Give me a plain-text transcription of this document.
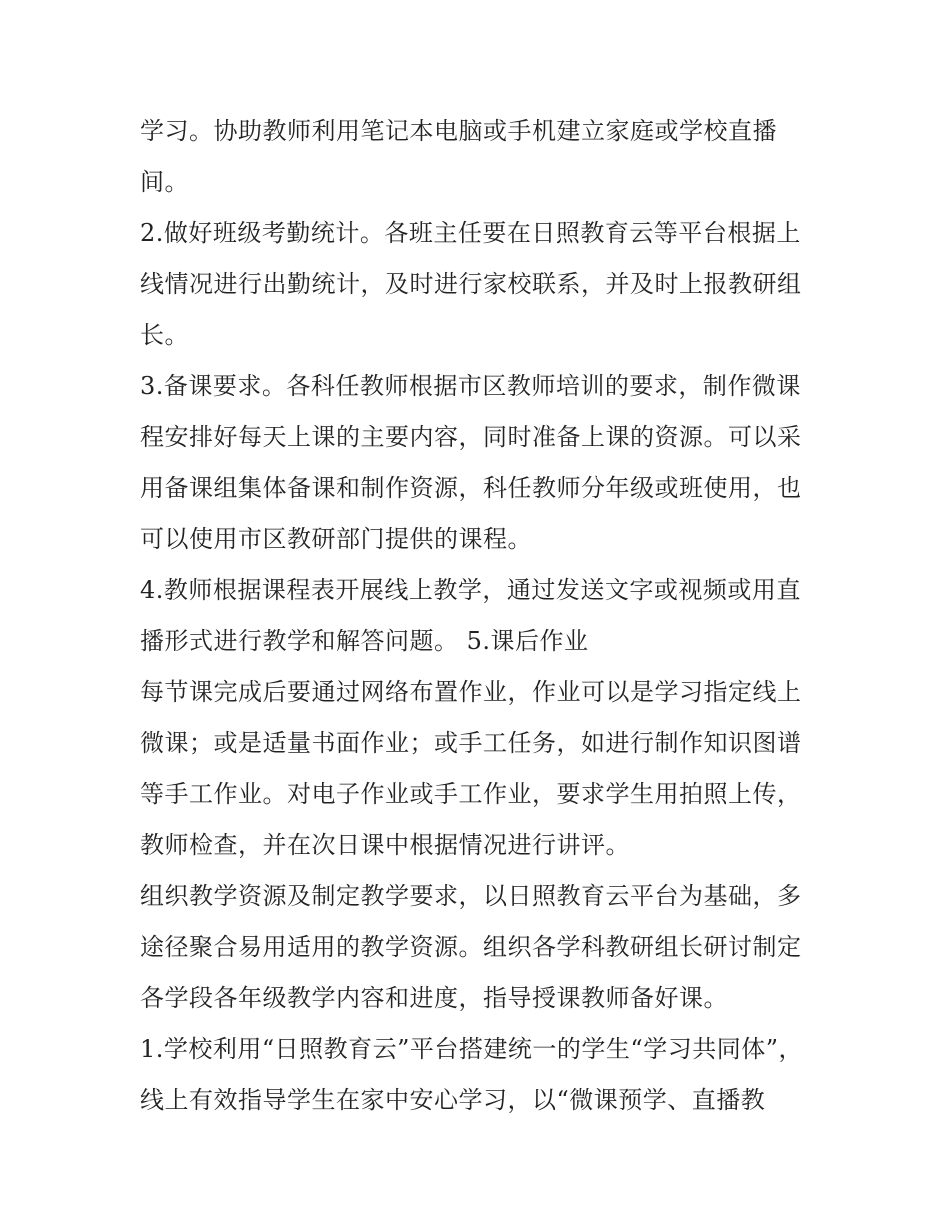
学习。协助教师利用笔记本电脑或手机建立家庭或学校直播
间。
2.做好班级考勤统计。各班主任要在日照教育云等平台根据上
线情况进行出勤统计，及时进行家校联系，并及时上报教研组
长。
3.备课要求。各科任教师根据市区教师培训的要求，制作微课
程安排好每天上课的主要内容，同时准备上课的资源。可以采
用备课组集体备课和制作资源，科任教师分年级或班使用，也
可以使用市区教研部门提供的课程。
4.教师根据课程表开展线上教学，通过发送文字或视频或用直
播形式进行教学和解答问题。 5.课后作业
每节课完成后要通过网络布置作业，作业可以是学习指定线上
微课；或是适量书面作业；或手工任务，如进行制作知识图谱
等手工作业。对电子作业或手工作业，要求学生用拍照上传，
教师检查，并在次日课中根据情况进行讲评。
组织教学资源及制定教学要求，以日照教育云平台为基础，多
途径聚合易用适用的教学资源。组织各学科教研组长研讨制定
各学段各年级教学内容和进度，指导授课教师备好课。
1.学校利用“日照教育云”平台搭建统一的学生“学习共同体”，
线上有效指导学生在家中安心学习，以“微课预学、直播教
